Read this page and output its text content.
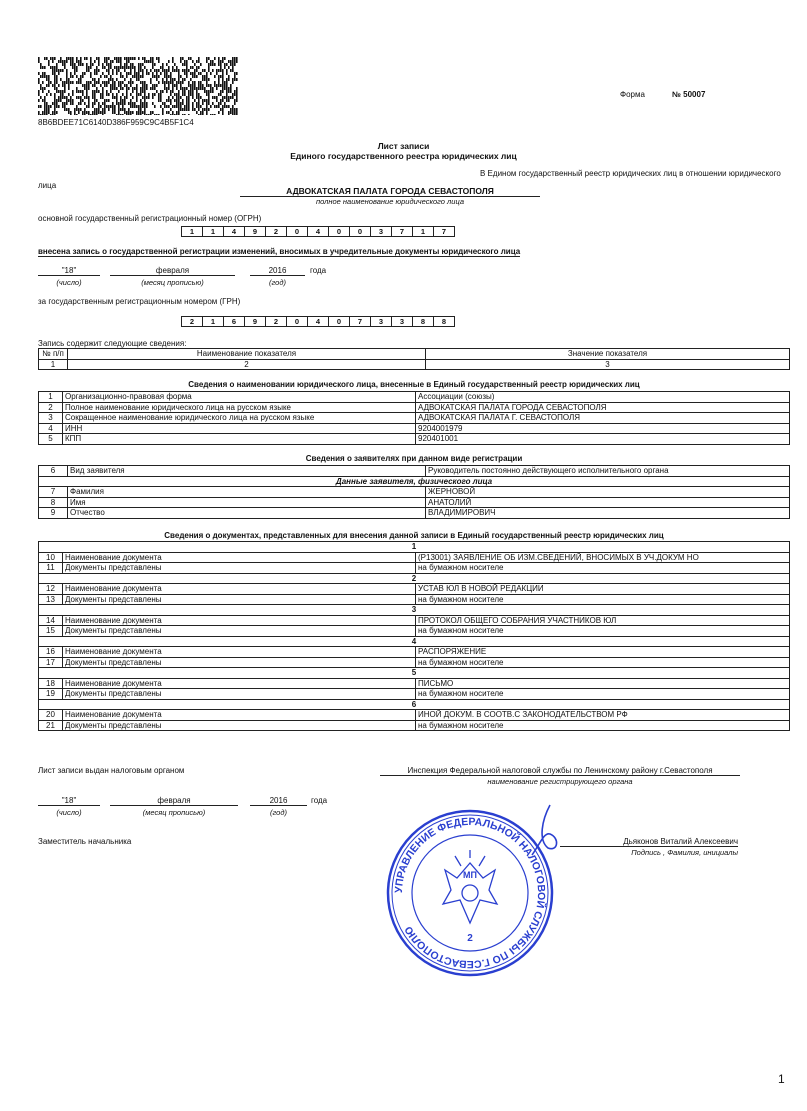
8B6BDEE71C6140D386F959C9C4B5F1C4
Форма	№ 50007
Лист записи
Единого государственного реестра юридических лиц
В Едином государственный реестр юридических лиц в отношении юридического
лица
АДВОКАТСКАЯ ПАЛАТА ГОРОДА СЕВАСТОПОЛЯ
полное наименование юридического лица
основной государственный регистрационный номер (ОГРН)
1	1	4	9	2	0	4	0	0	3	7	1	7
внесена запись о государственной регистрации изменений, вносимых в учредительные документы юридического лица
"18"	февраля	2016	года
(число)	(месяц прописью)	(год)
за государственным регистрационным номером (ГРН)
2	1	6	9	2	0	4	0	7	3	3	8	8
Запись содержит следующие сведения:
№ п/п	Наименование показателя	Значение показателя
1	2	3
Сведения о наименовании юридического лица, внесенные в Единый государственный реестр юридических лиц
1	Организационно-правовая форма	Ассоциации (союзы)
2	Полное наименование юридического лица на русском языке	АДВОКАТСКАЯ ПАЛАТА ГОРОДА СЕВАСТОПОЛЯ
3	Сокращенное наименование юридического лица на русском языке	АДВОКАТСКАЯ ПАЛАТА Г. СЕВАСТОПОЛЯ
4	ИНН	9204001979
5	КПП	920401001
Сведения о заявителях при данном виде регистрации
6	Вид заявителя	Руководитель постоянно действующего исполнительного органа
Данные заявителя, физического лица		
7	Фамилия	ЖЕРНОВОЙ
8	Имя	АНАТОЛИЙ
9	Отчество	ВЛАДИМИРОВИЧ
Сведения о документах, представленных для внесения данной записи в Единый государственный реестр юридических лиц
1		
10	Наименование документа	(Р13001) ЗАЯВЛЕНИЕ ОБ ИЗМ.СВЕДЕНИЙ, ВНОСИМЫХ В УЧ.ДОКУМ НО
11	Документы представлены	на бумажном носителе
2		
12	Наименование документа	УСТАВ ЮЛ В НОВОЙ РЕДАКЦИИ
13	Документы представлены	на бумажном носителе
3		
14	Наименование документа	ПРОТОКОЛ ОБЩЕГО СОБРАНИЯ УЧАСТНИКОВ ЮЛ
15	Документы представлены	на бумажном носителе
4		
16	Наименование документа	РАСПОРЯЖЕНИЕ
17	Документы представлены	на бумажном носителе
5		
18	Наименование документа	ПИСЬМО
19	Документы представлены	на бумажном носителе
6		
20	Наименование документа	ИНОЙ ДОКУМ. В СООТВ.С ЗАКОНОДАТЕЛЬСТВОМ РФ
21	Документы представлены	на бумажном носителе
Лист записи выдан налоговым органом	Инспекция Федеральной налоговой службы по Ленинскому району г.Севастополя
наименование регистрирующего органа
"18"	февраля	2016	года
(число)	(месяц прописью)	(год)
Заместитель начальника	Дьяконов Виталий Алексеевич
Подпись , Фамилия, инициалы
УПРАВЛЕНИЕ ФЕДЕРАЛЬНОЙ НАЛОГОВОЙ СЛУЖБЫ ПО Г.СЕВАСТОПОЛЮ
МП
2
1
